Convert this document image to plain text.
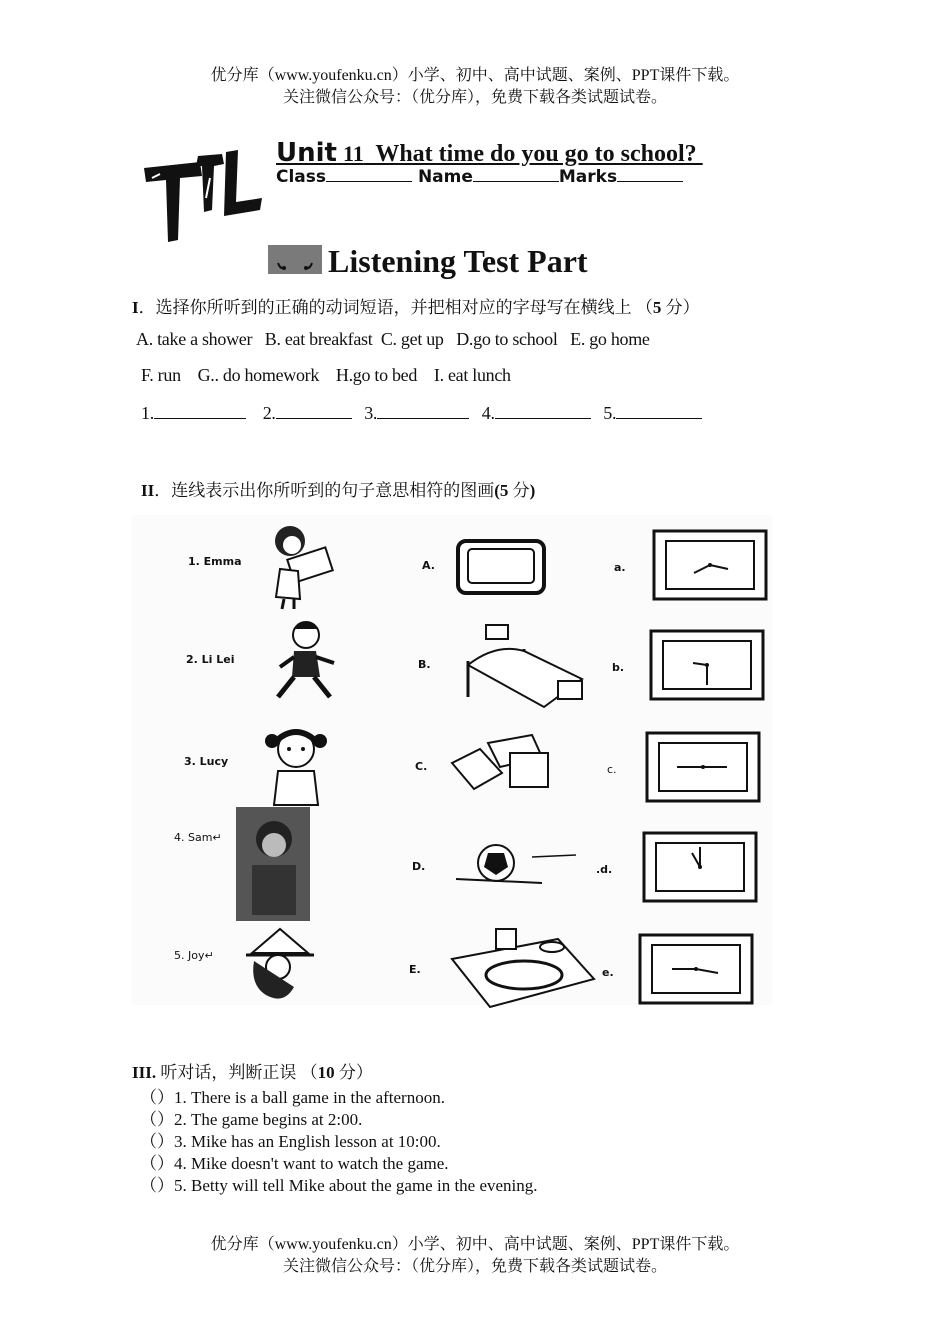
优分库（www.youfenku.cn）小学、初中、高中试题、案例、PPT课件下载。
关注微信公众号：（优分库），免费下载各类试题试卷。
TTL
Unit 11  What time do you go to school?
Class	Name	Marks
Listening Test Part
I．选择你所听到的正确的动词短语，并把相对应的字母写在横线上 （5 分）
A. take a shower B. eat breakfast C. get up D.go to school E. go home
F. run G.. do homework H.go to bed I. eat lunch
1.	2.	3.	4.	5.
II．连线表示出你所听到的句子意思相符的图画(5 分)
1. Emma
2. Li Lei
3. Lucy
4. Sam↵
5. Joy↵
A.
B.
C.
D.
E.
a.
b.
c.
.d.
e.
III. 听对话，判断正误 （10 分）
（）1. There is a ball game in the afternoon.
（）2. The game begins at 2:00.
（）3. Mike has an English lesson at 10:00.
（）4. Mike doesn't want to watch the game.
（）5. Betty will tell Mike about the game in the evening.
优分库（www.youfenku.cn）小学、初中、高中试题、案例、PPT课件下载。
关注微信公众号：（优分库），免费下载各类试题试卷。
